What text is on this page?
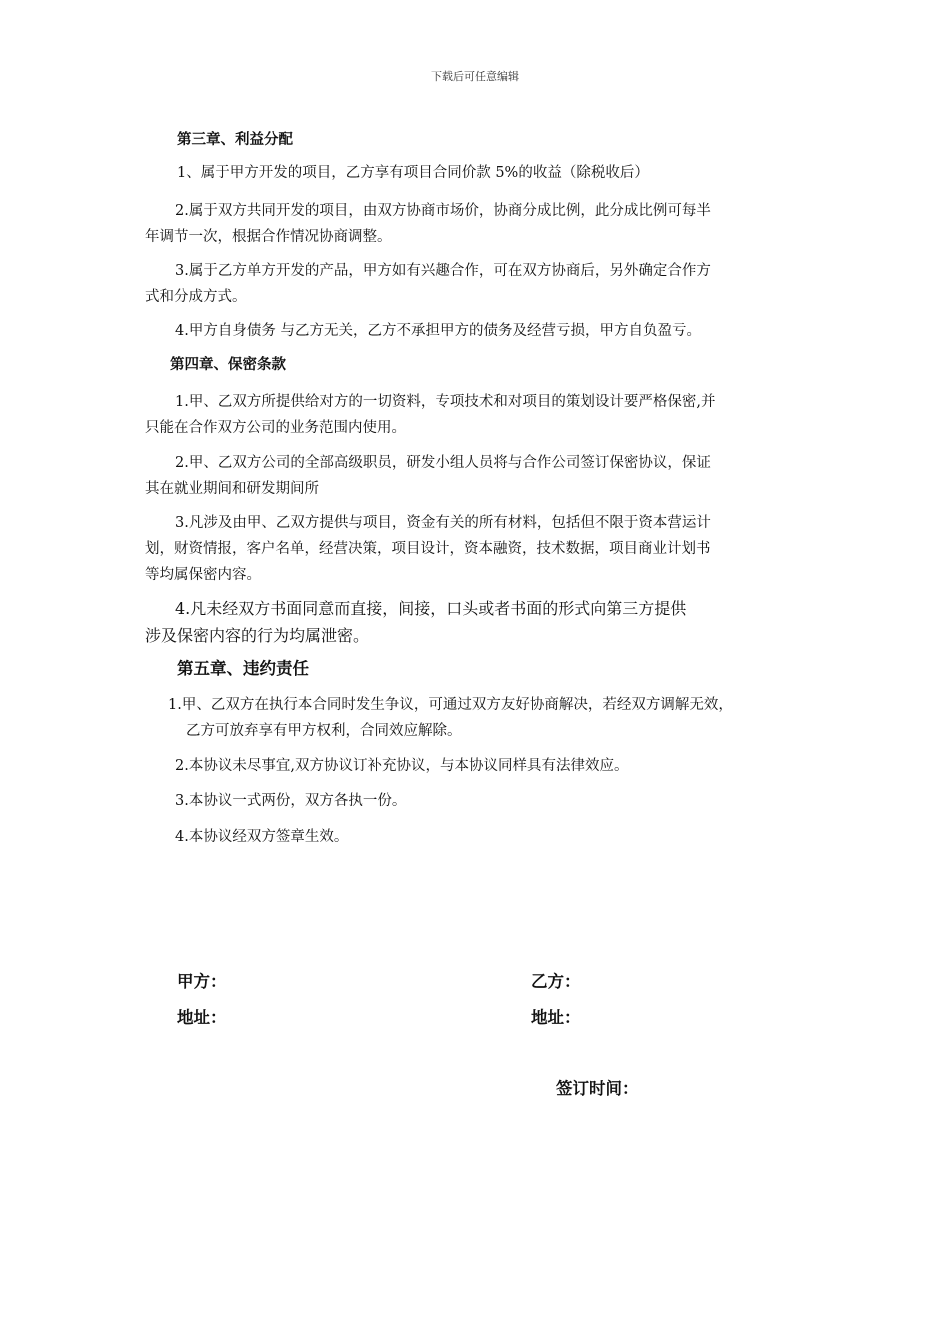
下载后可任意编辑
第三章、利益分配
1、属于甲方开发的项目，乙方享有项目合同价款 5%的收益（除税收后）
2.属于双方共同开发的项目，由双方协商市场价，协商分成比例，此分成比例可每半
年调节一次，根据合作情况协商调整。
3.属于乙方单方开发的产品，甲方如有兴趣合作，可在双方协商后，另外确定合作方
式和分成方式。
4.甲方自身债务 与乙方无关，乙方不承担甲方的债务及经营亏损，甲方自负盈亏。
第四章、保密条款
1.甲、乙双方所提供给对方的一切资料，专项技术和对项目的策划设计要严格保密,并
只能在合作双方公司的业务范围内使用。
2.甲、乙双方公司的全部高级职员，研发小组人员将与合作公司签订保密协议，保证
其在就业期间和研发期间所
3.凡涉及由甲、乙双方提供与项目，资金有关的所有材料，包括但不限于资本营运计
划，财资情报，客户名单，经营决策，项目设计，资本融资，技术数据，项目商业计划书
等均属保密内容。
4.凡未经双方书面同意而直接，间接，口头或者书面的形式向第三方提供
涉及保密内容的行为均属泄密。
第五章、违约责任
1.甲、乙双方在执行本合同时发生争议，可通过双方友好协商解决，若经双方调解无效，
乙方可放弃享有甲方权利，合同效应解除。
2.本协议未尽事宜,双方协议订补充协议，与本协议同样具有法律效应。
3.本协议一式两份，双方各执一份。
4.本协议经双方签章生效。
甲方：	乙方：
地址：	地址：
签订时间：
